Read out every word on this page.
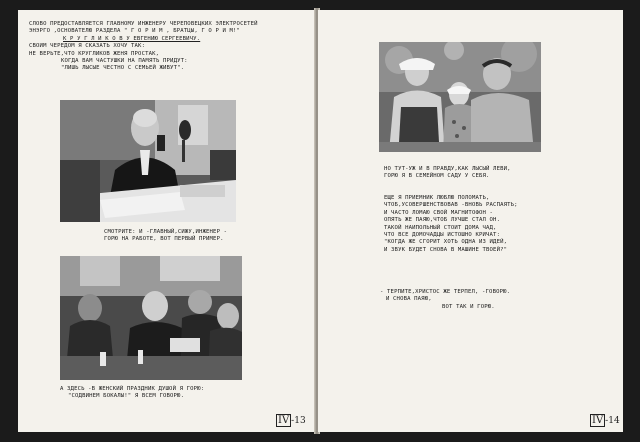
СЛОВО ПРЕДОСТАВЛЯЕТСЯ ГЛАВНОМУ ИНЖЕНЕРУ ЧЕРЕПОВЕЦКИХ ЭЛЕКТРОСЕТЕЙ
ЭНЭРГО ,ОСНОВАТЕЛЮ РАЗДЕЛА " Г О Р И М , БРАТЦЫ, Г О Р И М!"
К Р У Г Л И К О В У ЕВГЕНИЮ СЕРГЕЕВИЧУ.
СВОИМ ЧЕРЕДОМ Я СКАЗАТЬ ХОЧУ ТАК:
НЕ ВЕРЬТЕ,ЧТО КРУГЛИКОВ ЖЕНЯ ПРОСТАК,
КОГДА ВАМ ЧАСТУШКИ НА ПАМЯТЬ ПРИДУТ:
"ЛИШЬ ЛЫСЫЕ ЧЕСТНО С СЕМЬЕЙ ЖИВУТ".
СМОТРИТЕ: И -ГЛАВНЫЙ,СИЖУ,ИНЖЕНЕР -
ГОРЮ НА РАБОТЕ, ВОТ ПЕРВЫЙ ПРИМЕР.
А ЗДЕСЬ -В ЖЕНСКИЙ ПРАЗДНИК ДУШОЙ Я ГОРЮ:
"СОДВИНЕМ БОКАЛЫ!" Я ВСЕМ ГОВОРЮ.
IV -13
НО ТУТ-УЖ И В ПРАВДУ,КАК ЛЫСЫЙ ЛЕВИ,
ГОРЮ Я В СЕМЕЙНОМ САДУ У СЕБЯ.
ЕЩЕ Я ПРИЕМНИК ЛЮБЛЮ ПОЛОМАТЬ,
ЧТОБ,УСОВЕРШЕНСТВОВАВ -ВНОВЬ РАСПАЯТЬ;
И ЧАСТО ЛОМАЮ СВОЙ МАГНИТОФОН -
ОПЯТЬ ЖЕ ПАЯЮ,ЧТОБ ЛУЧШЕ СТАЛ ОН.
ТАКОЙ НАИПОЛЬНЫЙ СТОИТ ДОМА ЧАД,
ЧТО ВСЕ ДОМОЧАДЦЫ ИСТОШНО КРИЧАТ:
"КОГДА ЖЕ СГОРИТ ХОТЬ ОДНА ИЗ ИДЕЙ,
И ЗВУК БУДЕТ СНОВА В МАШИНЕ ТВОЕЙ?"
- ТЕРПИТЕ,ХРИСТОС ЖЕ ТЕРПЕЛ, -ГОВОРЮ.
И СНОВА ПАЯЮ,
ВОТ ТАК И ГОРЮ.
IV -14
